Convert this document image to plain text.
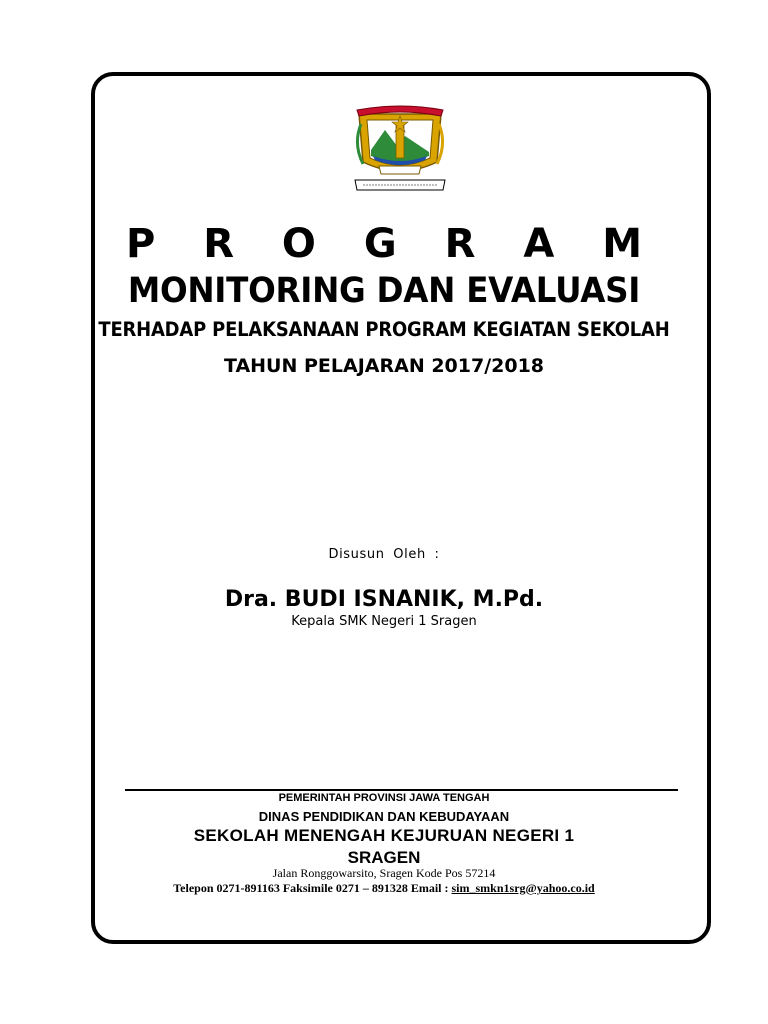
P R O G R A M
MONITORING DAN EVALUASI
TERHADAP PELAKSANAAN PROGRAM KEGIATAN SEKOLAH
TAHUN PELAJARAN 2017/2018
Disusun Oleh :
Dra. BUDI ISNANIK, M.Pd.
Kepala SMK Negeri 1 Sragen
PEMERINTAH PROVINSI JAWA TENGAH
DINAS PENDIDIKAN DAN KEBUDAYAAN
SEKOLAH MENENGAH KEJURUAN NEGERI 1
SRAGEN
Jalan Ronggowarsito, Sragen Kode Pos 57214
Telepon 0271-891163 Faksimile 0271 – 891328 Email : sim_smkn1srg@yahoo.co.id
